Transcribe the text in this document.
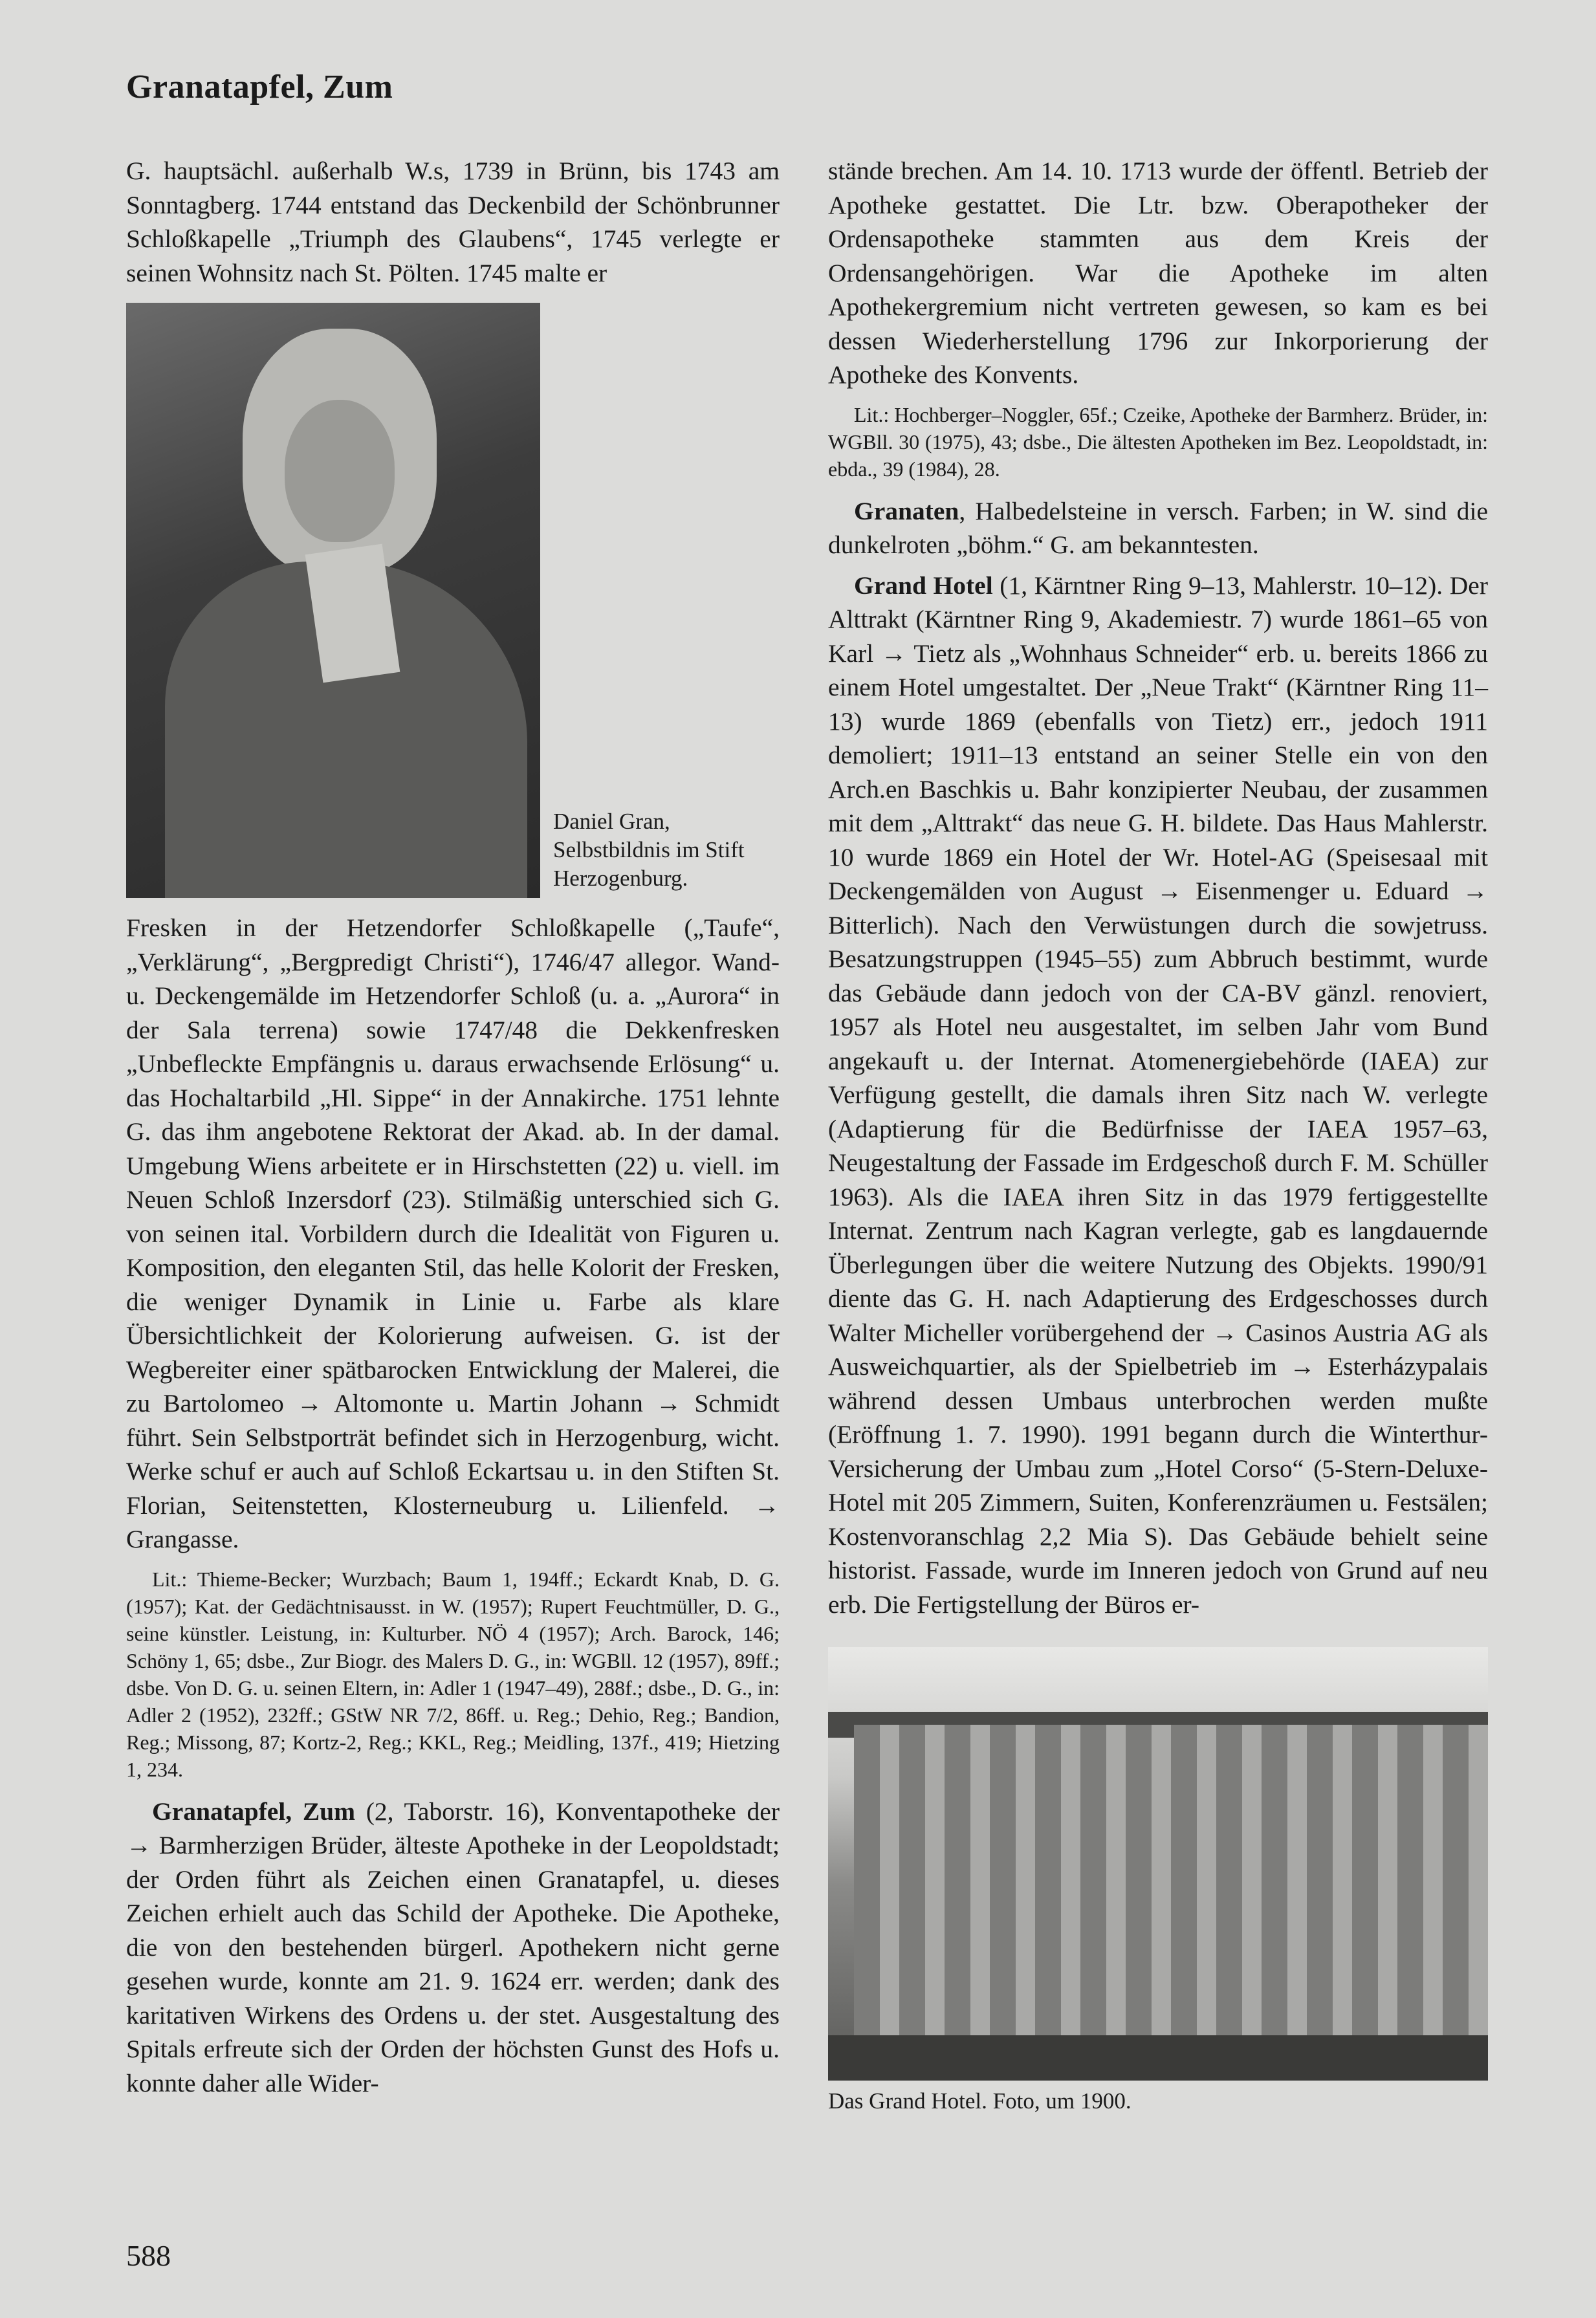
Granatapfel, Zum

G. hauptsächl. außerhalb W.s, 1739 in Brünn, bis 1743 am Sonntagberg. 1744 entstand das Deckenbild der Schönbrunner Schloßkapelle „Triumph des Glaubens“, 1745 verlegte er seinen Wohnsitz nach St. Pölten. 1745 malte er

Daniel Gran, Selbstbildnis im Stift Herzogenburg.

Fresken in der Hetzendorfer Schloßkapelle („Taufe“, „Verklärung“, „Bergpredigt Christi“), 1746/47 allegor. Wand- u. Deckengemälde im Hetzendorfer Schloß (u. a. „Aurora“ in der Sala terrena) sowie 1747/48 die Dekkenfresken „Unbefleckte Empfängnis u. daraus erwachsende Erlösung“ u. das Hochaltarbild „Hl. Sippe“ in der Annakirche. 1751 lehnte G. das ihm angebotene Rektorat der Akad. ab. In der damal. Umgebung Wiens arbeitete er in Hirschstetten (22) u. viell. im Neuen Schloß Inzersdorf (23). Stilmäßig unterschied sich G. von seinen ital. Vorbildern durch die Idealität von Figuren u. Komposition, den eleganten Stil, das helle Kolorit der Fresken, die weniger Dynamik in Linie u. Farbe als klare Übersichtlichkeit der Kolorierung aufweisen. G. ist der Wegbereiter einer spätbarocken Entwicklung der Malerei, die zu Bartolomeo → Altomonte u. Martin Johann → Schmidt führt. Sein Selbstporträt befindet sich in Herzogenburg, wicht. Werke schuf er auch auf Schloß Eckartsau u. in den Stiften St. Florian, Seitenstetten, Klosterneuburg u. Lilienfeld. → Grangasse.

Lit.: Thieme-Becker; Wurzbach; Baum 1, 194ff.; Eckardt Knab, D. G. (1957); Kat. der Gedächtnisausst. in W. (1957); Rupert Feuchtmüller, D. G., seine künstler. Leistung, in: Kulturber. NÖ 4 (1957); Arch. Barock, 146; Schöny 1, 65; dsbe., Zur Biogr. des Malers D. G., in: WGBll. 12 (1957), 89ff.; dsbe. Von D. G. u. seinen Eltern, in: Adler 1 (1947–49), 288f.; dsbe., D. G., in: Adler 2 (1952), 232ff.; GStW NR 7/2, 86ff. u. Reg.; Dehio, Reg.; Bandion, Reg.; Missong, 87; Kortz-2, Reg.; KKL, Reg.; Meidling, 137f., 419; Hietzing 1, 234.

Granatapfel, Zum (2, Taborstr. 16), Konventapotheke der → Barmherzigen Brüder, älteste Apotheke in der Leopoldstadt; der Orden führt als Zeichen einen Granatapfel, u. dieses Zeichen erhielt auch das Schild der Apotheke. Die Apotheke, die von den bestehenden bürgerl. Apothekern nicht gerne gesehen wurde, konnte am 21. 9. 1624 err. werden; dank des karitativen Wirkens des Ordens u. der stet. Ausgestaltung des Spitals erfreute sich der Orden der höchsten Gunst des Hofs u. konnte daher alle Wider-

stände brechen. Am 14. 10. 1713 wurde der öffentl. Betrieb der Apotheke gestattet. Die Ltr. bzw. Oberapotheker der Ordensapotheke stammten aus dem Kreis der Ordensangehörigen. War die Apotheke im alten Apothekergremium nicht vertreten gewesen, so kam es bei dessen Wiederherstellung 1796 zur Inkorporierung der Apotheke des Konvents.

Lit.: Hochberger–Noggler, 65f.; Czeike, Apotheke der Barmherz. Brüder, in: WGBll. 30 (1975), 43; dsbe., Die ältesten Apotheken im Bez. Leopoldstadt, in: ebda., 39 (1984), 28.

Granaten, Halbedelsteine in versch. Farben; in W. sind die dunkelroten „böhm.“ G. am bekanntesten.

Grand Hotel (1, Kärntner Ring 9–13, Mahlerstr. 10–12). Der Alttrakt (Kärntner Ring 9, Akademiestr. 7) wurde 1861–65 von Karl → Tietz als „Wohnhaus Schneider“ erb. u. bereits 1866 zu einem Hotel umgestaltet. Der „Neue Trakt“ (Kärntner Ring 11–13) wurde 1869 (ebenfalls von Tietz) err., jedoch 1911 demoliert; 1911–13 entstand an seiner Stelle ein von den Arch.en Baschkis u. Bahr konzipierter Neubau, der zusammen mit dem „Alttrakt“ das neue G. H. bildete. Das Haus Mahlerstr. 10 wurde 1869 ein Hotel der Wr. Hotel-AG (Speisesaal mit Deckengemälden von August → Eisenmenger u. Eduard → Bitterlich). Nach den Verwüstungen durch die sowjetruss. Besatzungstruppen (1945–55) zum Abbruch bestimmt, wurde das Gebäude dann jedoch von der CA-BV gänzl. renoviert, 1957 als Hotel neu ausgestaltet, im selben Jahr vom Bund angekauft u. der Internat. Atomenergiebehörde (IAEA) zur Verfügung gestellt, die damals ihren Sitz nach W. verlegte (Adaptierung für die Bedürfnisse der IAEA 1957–63, Neugestaltung der Fassade im Erdgeschoß durch F. M. Schüller 1963). Als die IAEA ihren Sitz in das 1979 fertiggestellte Internat. Zentrum nach Kagran verlegte, gab es langdauernde Überlegungen über die weitere Nutzung des Objekts. 1990/91 diente das G. H. nach Adaptierung des Erdgeschosses durch Walter Micheller vorübergehend der → Casinos Austria AG als Ausweichquartier, als der Spielbetrieb im → Esterházypalais während dessen Umbaus unterbrochen werden mußte (Eröffnung 1. 7. 1990). 1991 begann durch die Winterthur-Versicherung der Umbau zum „Hotel Corso“ (5-Stern-Deluxe-Hotel mit 205 Zimmern, Suiten, Konferenzräumen u. Festsälen; Kostenvoranschlag 2,2 Mia S). Das Gebäude behielt seine historist. Fassade, wurde im Inneren jedoch von Grund auf neu erb. Die Fertigstellung der Büros er-

Das Grand Hotel. Foto, um 1900.
588
